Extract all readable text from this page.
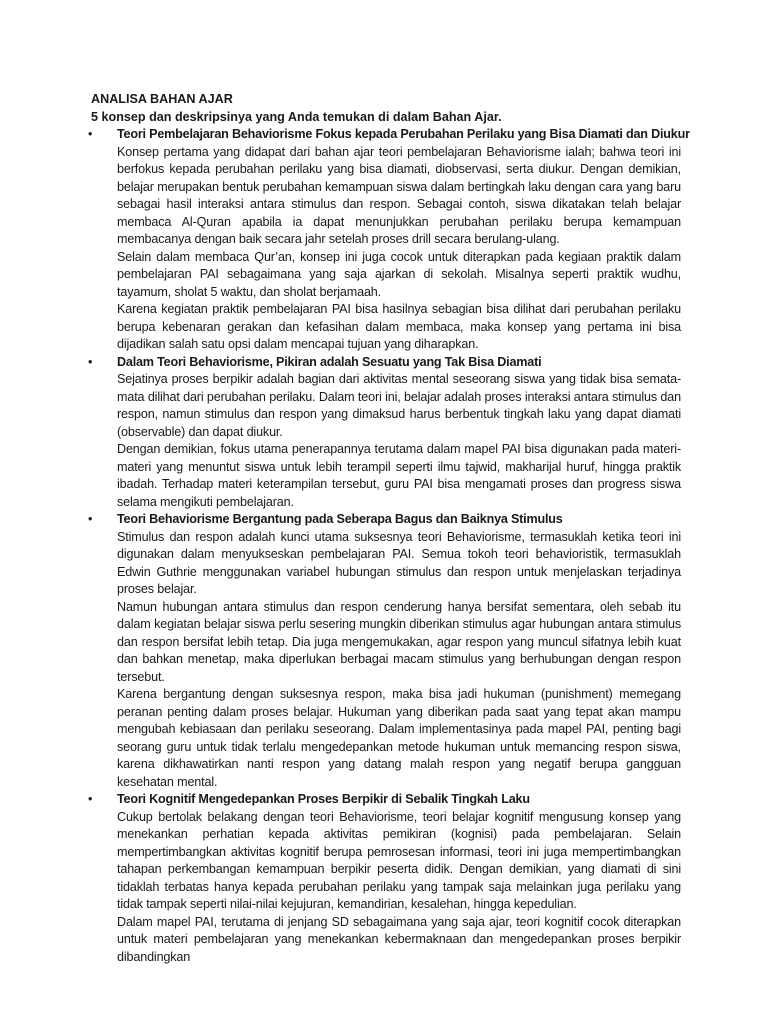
ANALISA BAHAN AJAR

5 konsep dan deskripsinya yang Anda temukan di dalam Bahan Ajar.

•	Teori Pembelajaran Behaviorisme Fokus kepada Perubahan Perilaku yang Bisa Diamati dan Diukur

Konsep pertama yang didapat dari bahan ajar teori pembelajaran Behaviorisme ialah; bahwa teori ini berfokus kepada perubahan perilaku yang bisa diamati, diobservasi, serta diukur. Dengan demikian, belajar merupakan bentuk perubahan kemampuan siswa dalam bertingkah laku dengan cara yang baru sebagai hasil interaksi antara stimulus dan respon. Sebagai contoh, siswa dikatakan telah belajar membaca Al-Quran apabila ia dapat menunjukkan perubahan perilaku berupa kemampuan membacanya dengan baik secara jahr setelah proses drill secara berulang-ulang.

Selain dalam membaca Qur’an, konsep ini juga cocok untuk diterapkan pada kegiaan praktik dalam pembelajaran PAI sebagaimana yang saja ajarkan di sekolah. Misalnya seperti praktik wudhu, tayamum, sholat 5 waktu, dan sholat berjamaah.

Karena kegiatan praktik pembelajaran PAI bisa hasilnya sebagian bisa dilihat dari perubahan perilaku berupa kebenaran gerakan dan kefasihan dalam membaca, maka konsep yang pertama ini bisa dijadikan salah satu opsi dalam mencapai tujuan yang diharapkan.

•	Dalam Teori Behaviorisme, Pikiran adalah Sesuatu yang Tak Bisa Diamati

Sejatinya proses berpikir adalah bagian dari aktivitas mental seseorang siswa yang tidak bisa semata-mata dilihat dari perubahan perilaku. Dalam teori ini, belajar adalah proses interaksi antara stimulus dan respon, namun stimulus dan respon yang dimaksud harus berbentuk tingkah laku yang dapat diamati (observable) dan dapat diukur.

Dengan demikian, fokus utama penerapannya terutama dalam mapel PAI bisa digunakan pada materi-materi yang menuntut siswa untuk lebih terampil seperti ilmu tajwid, makharijal huruf, hingga praktik ibadah. Terhadap materi keterampilan tersebut, guru PAI bisa mengamati proses dan progress siswa selama mengikuti pembelajaran.

•	Teori Behaviorisme Bergantung pada Seberapa Bagus dan Baiknya Stimulus

Stimulus dan respon adalah kunci utama suksesnya teori Behaviorisme, termasuklah ketika teori ini digunakan dalam menyukseskan pembelajaran PAI. Semua tokoh teori behavioristik, termasuklah Edwin Guthrie menggunakan variabel hubungan stimulus dan respon untuk menjelaskan terjadinya proses belajar.

Namun hubungan antara stimulus dan respon cenderung hanya bersifat sementara, oleh sebab itu dalam kegiatan belajar siswa perlu sesering mungkin diberikan stimulus agar hubungan antara stimulus dan respon bersifat lebih tetap. Dia juga mengemukakan, agar respon yang muncul sifatnya lebih kuat dan bahkan menetap, maka diperlukan berbagai macam stimulus yang berhubungan dengan respon tersebut.

Karena bergantung dengan suksesnya respon, maka bisa jadi hukuman (punishment) memegang peranan penting dalam proses belajar. Hukuman yang diberikan pada saat yang tepat akan mampu mengubah kebiasaan dan perilaku seseorang. Dalam implementasinya pada mapel PAI, penting bagi seorang guru untuk tidak terlalu mengedepankan metode hukuman untuk memancing respon siswa, karena dikhawatirkan nanti respon yang datang malah respon yang negatif berupa gangguan kesehatan mental.

•	Teori Kognitif Mengedepankan Proses Berpikir di Sebalik Tingkah Laku

Cukup bertolak belakang dengan teori Behaviorisme, teori belajar kognitif mengusung konsep yang menekankan perhatian kepada aktivitas pemikiran (kognisi) pada pembelajaran. Selain mempertimbangkan aktivitas kognitif berupa pemrosesan informasi, teori ini juga mempertimbangkan tahapan perkembangan kemampuan berpikir peserta didik. Dengan demikian, yang diamati di sini tidaklah terbatas hanya kepada perubahan perilaku yang tampak saja melainkan juga perilaku yang tidak tampak seperti nilai-nilai kejujuran, kemandirian, kesalehan, hingga kepedulian.

Dalam mapel PAI, terutama di jenjang SD sebagaimana yang saja ajar, teori kognitif cocok diterapkan untuk materi pembelajaran yang menekankan kebermaknaan dan mengedepankan proses berpikir dibandingkan
